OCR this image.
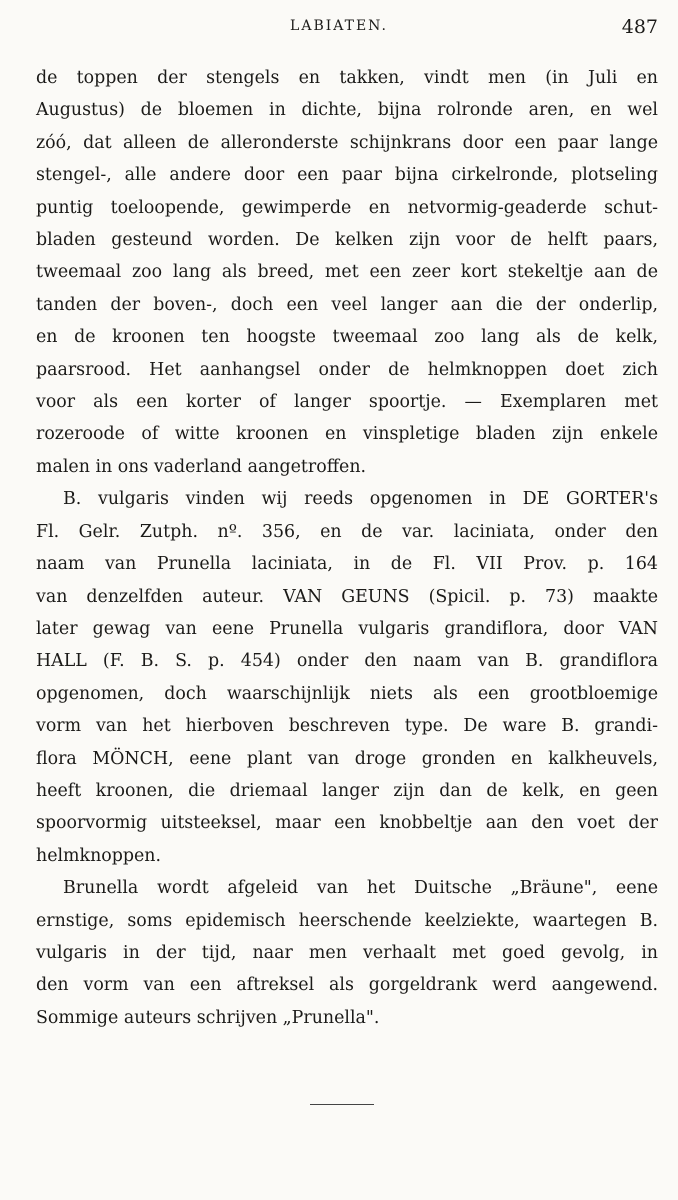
LABIATEN.	487
de toppen der stengels en takken, vindt men (in Juli en
Augustus) de bloemen in dichte, bijna rolronde aren, en wel
zóó, dat alleen de alleronderste schijnkrans door een paar lange
stengel-, alle andere door een paar bijna cirkelronde, plotseling
puntig toeloopende, gewimperde en netvormig-geaderde schut-
bladen gesteund worden. De kelken zijn voor de helft paars,
tweemaal zoo lang als breed, met een zeer kort stekeltje aan de
tanden der boven-, doch een veel langer aan die der onderlip,
en de kroonen ten hoogste tweemaal zoo lang als de kelk,
paarsrood. Het aanhangsel onder de helmknoppen doet zich
voor als een korter of langer spoortje. — Exemplaren met
rozeroode of witte kroonen en vinspletige bladen zijn enkele
malen in ons vaderland aangetroffen.
B. vulgaris vinden wij reeds opgenomen in DE GORTER's
Fl. Gelr. Zutph. nº. 356, en de var. laciniata, onder den
naam van Prunella laciniata, in de Fl. VII Prov. p. 164
van denzelfden auteur. VAN GEUNS (Spicil. p. 73) maakte
later gewag van eene Prunella vulgaris grandiflora, door VAN
HALL (F. B. S. p. 454) onder den naam van B. grandiflora
opgenomen, doch waarschijnlijk niets als een grootbloemige
vorm van het hierboven beschreven type. De ware B. grandi-
flora MÖNCH, eene plant van droge gronden en kalkheuvels,
heeft kroonen, die driemaal langer zijn dan de kelk, en geen
spoorvormig uitsteeksel, maar een knobbeltje aan den voet der
helmknoppen.
Brunella wordt afgeleid van het Duitsche „Bräune", eene
ernstige, soms epidemisch heerschende keelziekte, waartegen B.
vulgaris in der tijd, naar men verhaalt met goed gevolg, in
den vorm van een aftreksel als gorgeldrank werd aangewend.
Sommige auteurs schrijven „Prunella".
